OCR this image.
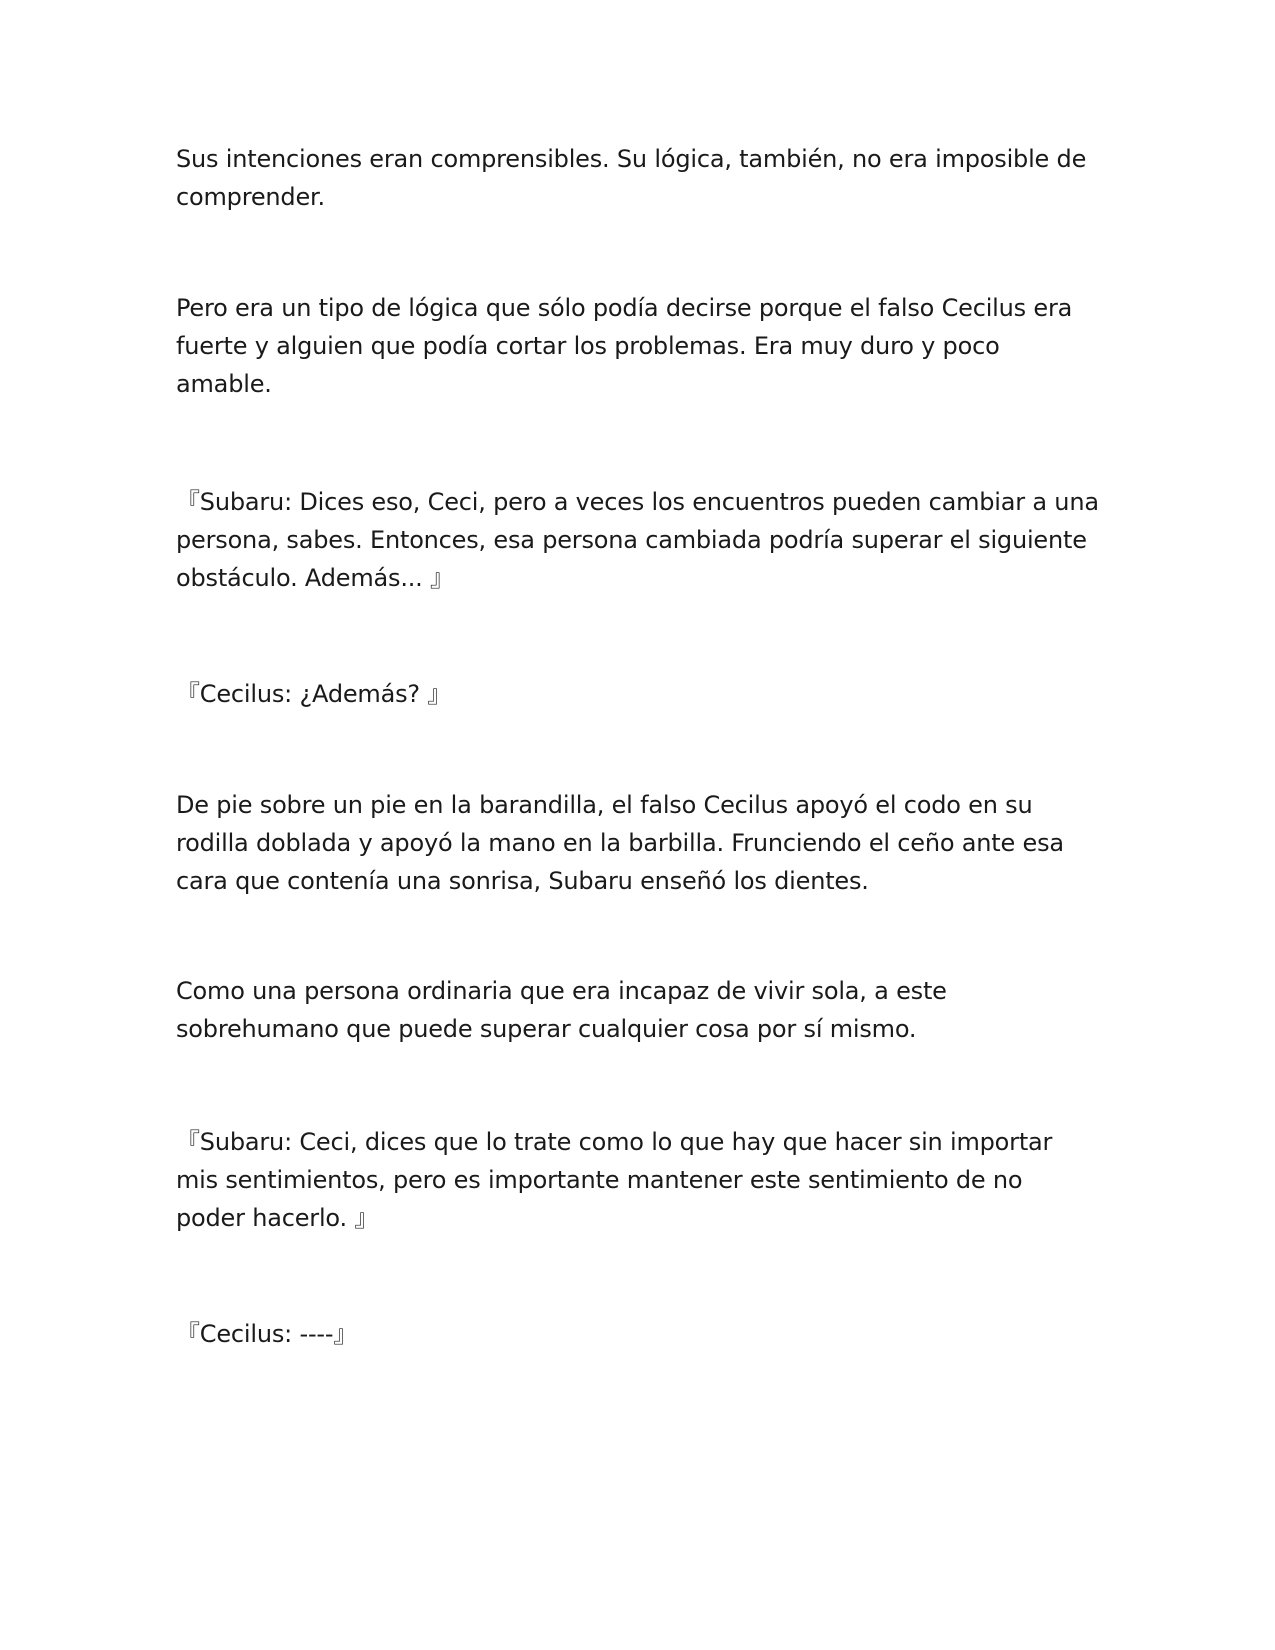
Sus intenciones eran comprensibles. Su lógica, también, no era imposible de
comprender.

Pero era un tipo de lógica que sólo podía decirse porque el falso Cecilus era
fuerte y alguien que podía cortar los problemas. Era muy duro y poco
amable.

『Subaru: Dices eso, Ceci, pero a veces los encuentros pueden cambiar a una
persona, sabes. Entonces, esa persona cambiada podría superar el siguiente
obstáculo. Además... 』

『Cecilus: ¿Además? 』

De pie sobre un pie en la barandilla, el falso Cecilus apoyó el codo en su
rodilla doblada y apoyó la mano en la barbilla. Frunciendo el ceño ante esa
cara que contenía una sonrisa, Subaru enseñó los dientes.

Como una persona ordinaria que era incapaz de vivir sola, a este
sobrehumano que puede superar cualquier cosa por sí mismo.

『Subaru: Ceci, dices que lo trate como lo que hay que hacer sin importar
mis sentimientos, pero es importante mantener este sentimiento de no
poder hacerlo. 』

『Cecilus: ----』
